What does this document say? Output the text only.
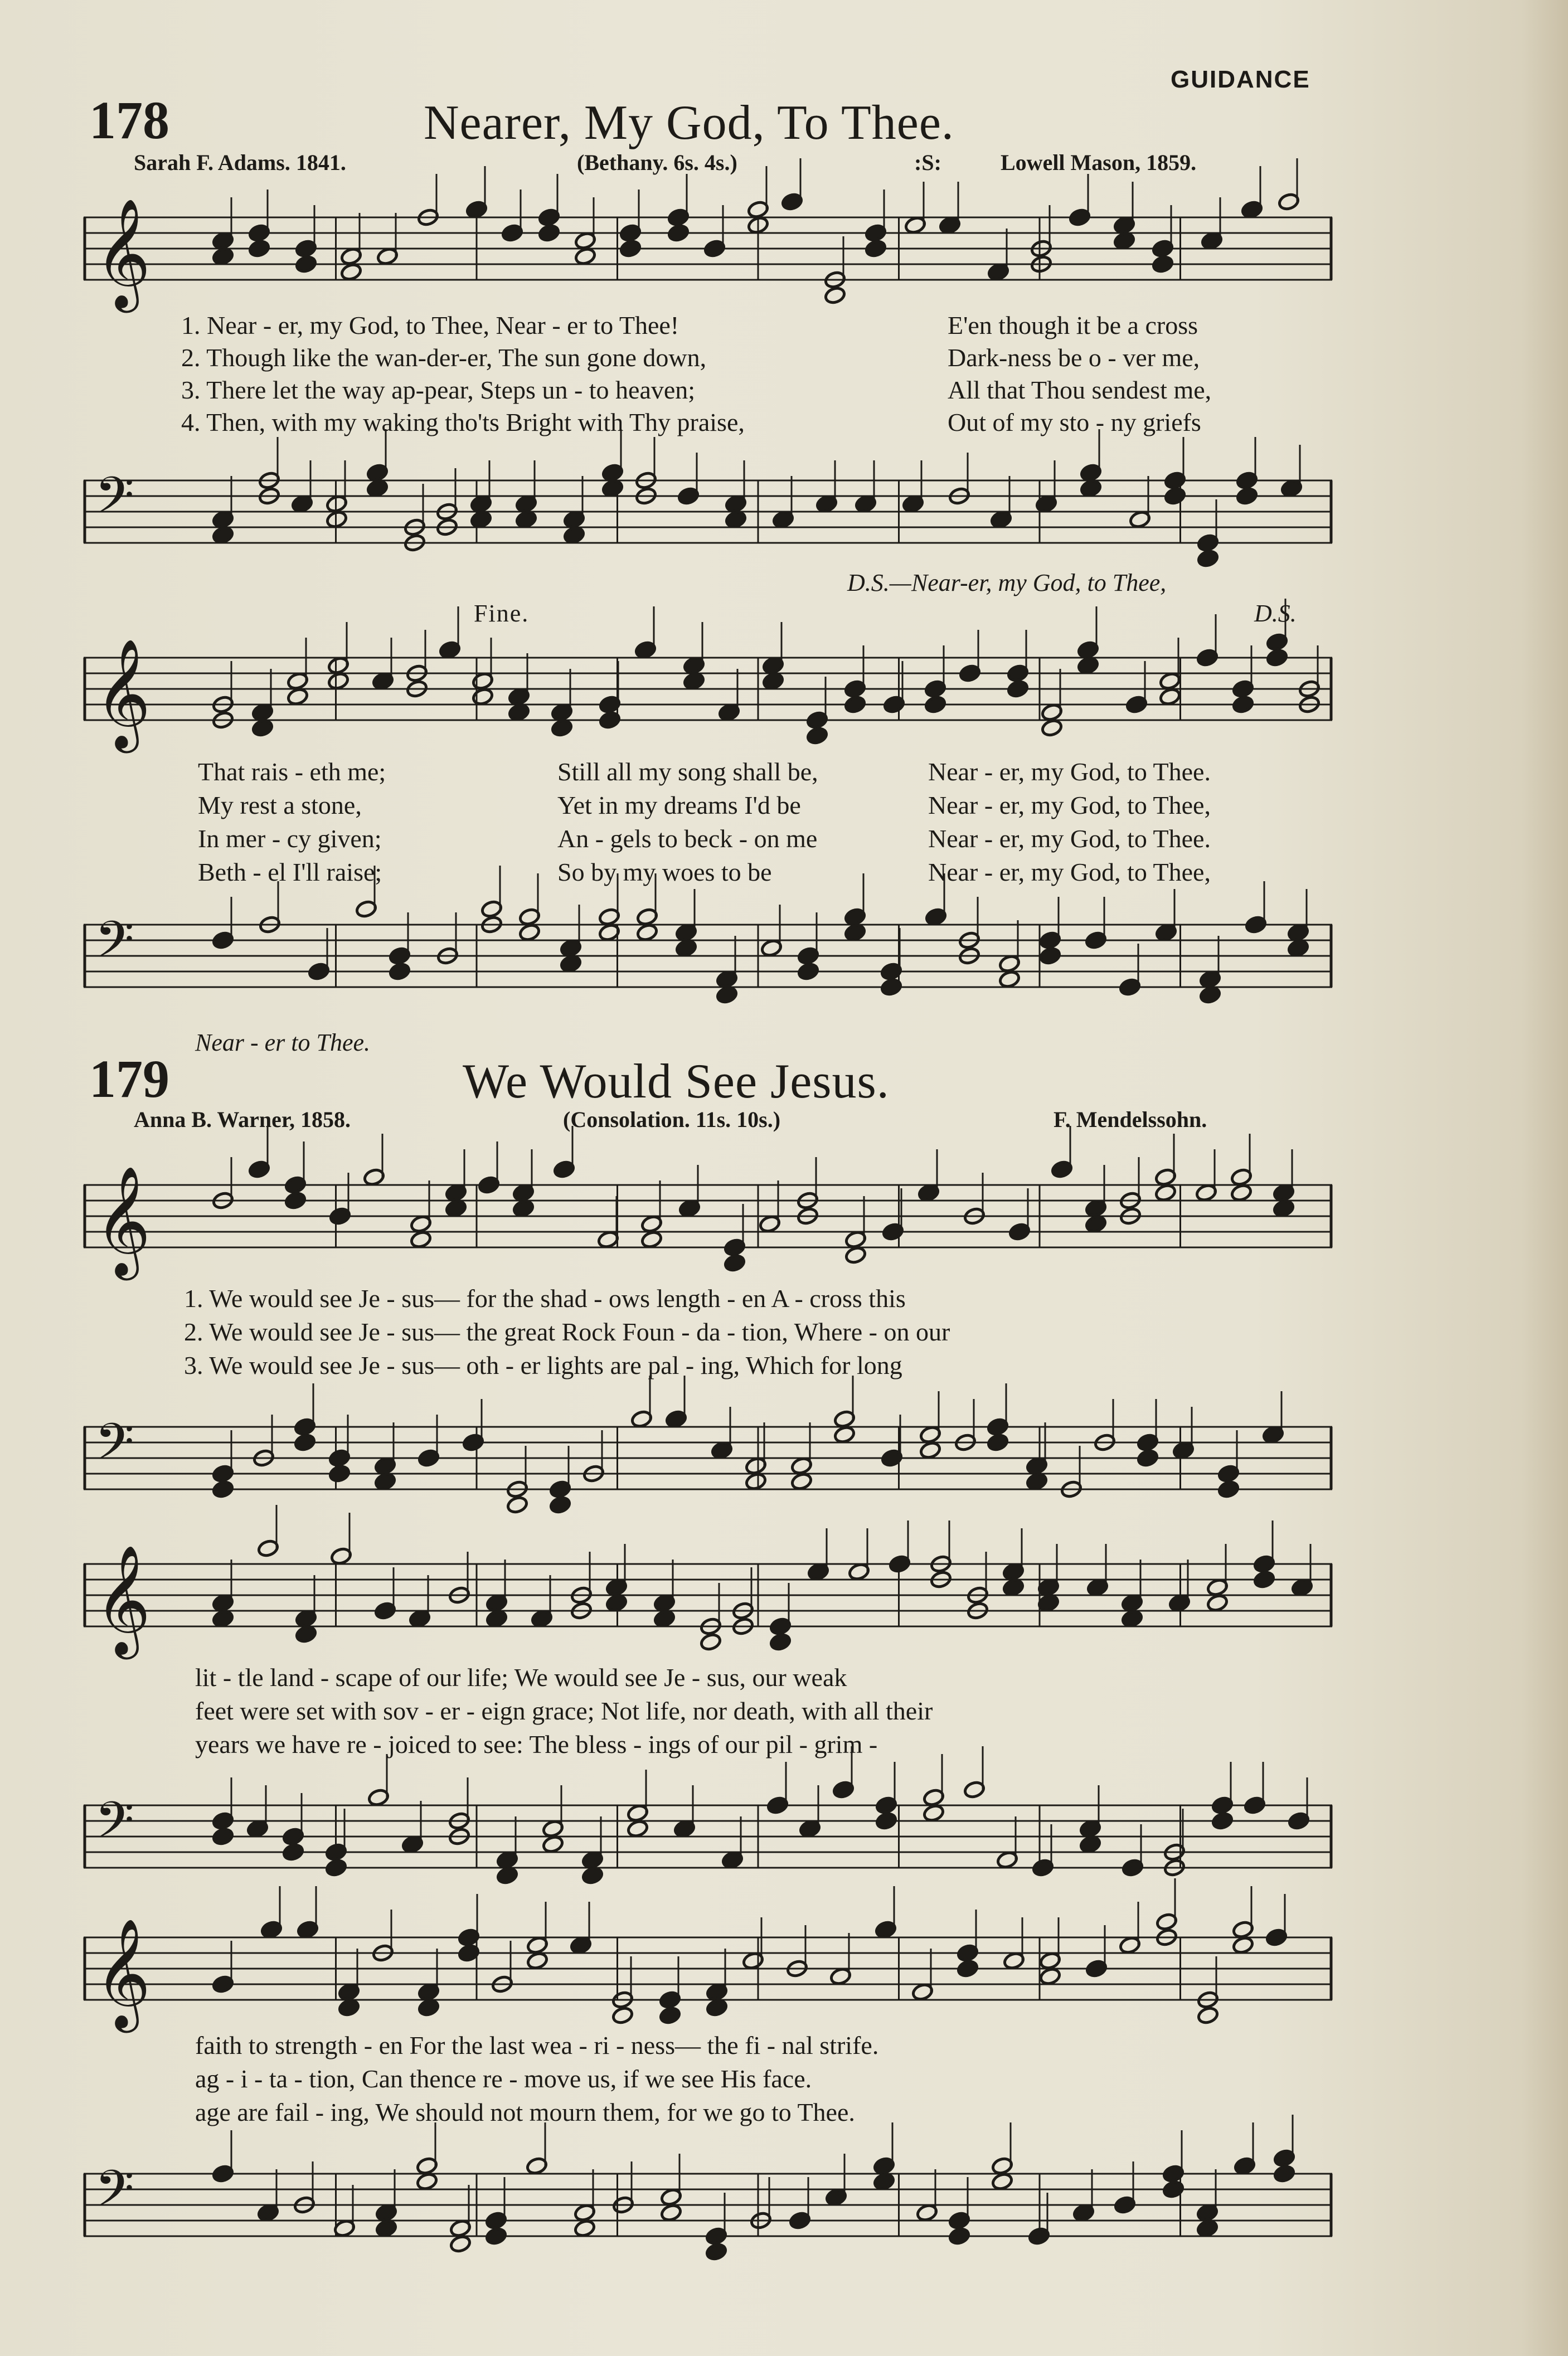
GUIDANCE
178	Nearer, My God, To Thee.
Sarah F. Adams. 1841.	(Bethany. 6s. 4s.)	:S:	Lowell Mason, 1859.
𝄞
1. Near - er, my God, to Thee, Near - er to Thee!
2. Though like the wan-der-er, The sun gone down,
3. There let the way ap-pear, Steps un - to heaven;
4. Then, with my waking tho'ts Bright with Thy praise,
E'en though it be a cross
Dark-ness be o - ver me,
All that Thou sendest me,
Out of my sto - ny griefs
𝄢
D.S.—Near-er, my God, to Thee,
Fine.	D.S.
𝄞
That rais - eth me;
My rest a stone,
In mer - cy given;
Beth - el I'll raise;
Still all my song shall be,
Yet in my dreams I'd be
An - gels to beck - on me
So by my woes to be
Near - er, my God, to Thee.
Near - er, my God, to Thee,
Near - er, my God, to Thee.
Near - er, my God, to Thee,
𝄢
Near - er to Thee.
179	We Would See Jesus.
Anna B. Warner, 1858.	(Consolation. 11s. 10s.)	F. Mendelssohn.
𝄞
1. We would see Je - sus— for the shad - ows length - en A - cross this
2. We would see Je - sus— the great Rock Foun - da - tion, Where - on our
3. We would see Je - sus— oth - er lights are pal - ing, Which for long
𝄢
𝄞
lit - tle land - scape of our life; We would see Je - sus, our weak
feet were set with sov - er - eign grace; Not life, nor death, with all their
years we have re - joiced to see: The bless - ings of our pil - grim -
𝄢
𝄞
faith to strength - en For the last wea - ri - ness— the fi - nal strife.
ag - i - ta - tion, Can thence re - move us, if we see His face.
age are fail - ing, We should not mourn them, for we go to Thee.
𝄢
